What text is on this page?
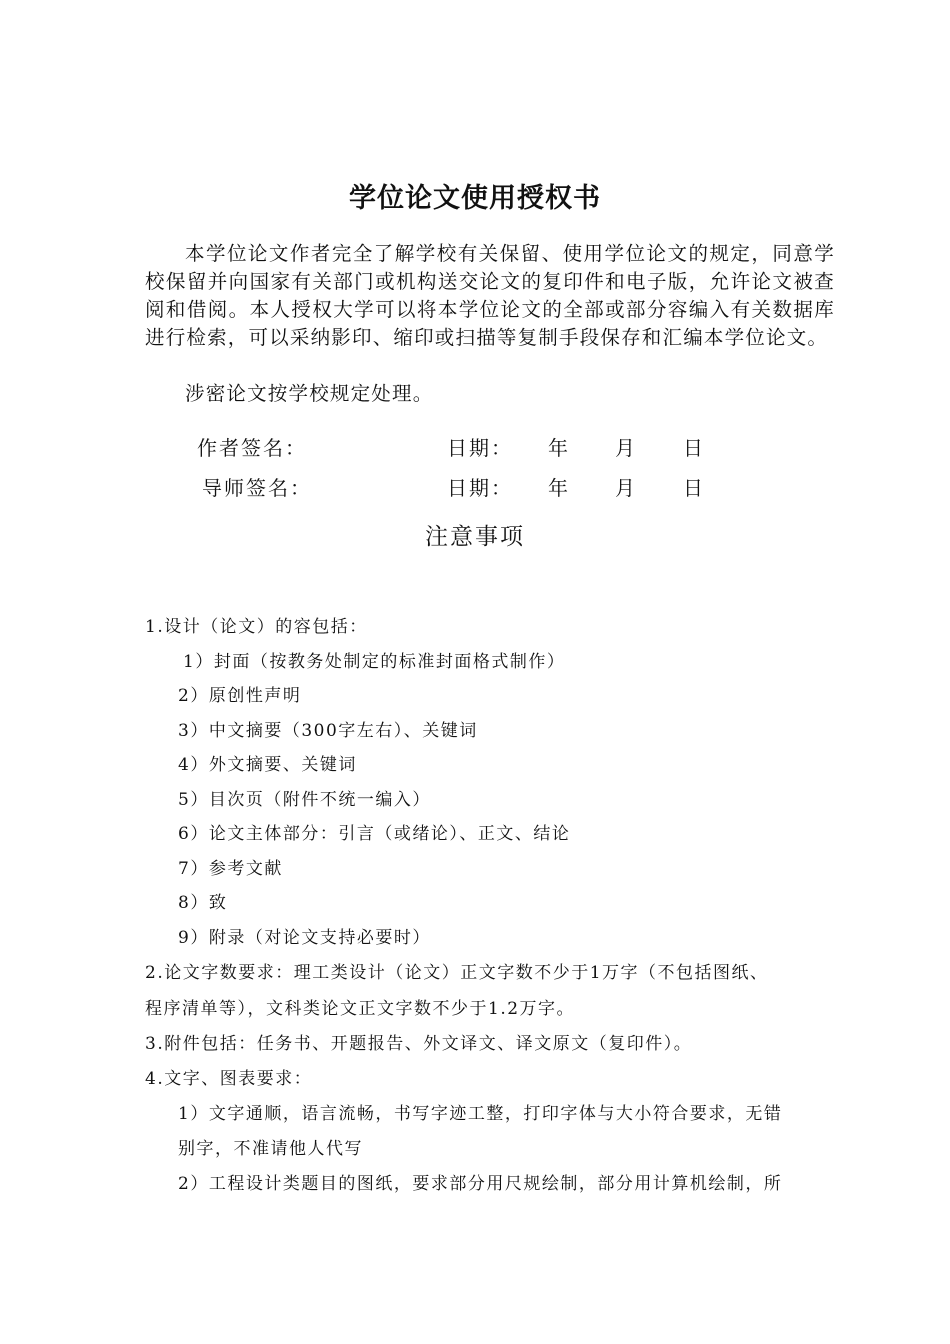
学位论文使用授权书
本学位论文作者完全了解学校有关保留、使用学位论文的规定，同意学校保留并向国家有关部门或机构送交论文的复印件和电子版，允许论文被查阅和借阅。本人授权大学可以将本学位论文的全部或部分容编入有关数据库进行检索，可以采纳影印、缩印或扫描等复制手段保存和汇编本学位论文。
涉密论文按学校规定处理。
作者签名：	日期： 年 月 日
导师签名：	日期： 年 月 日
注意事项
1.设计（论文）的容包括：
1）封面（按教务处制定的标准封面格式制作）
2）原创性声明
3）中文摘要（300字左右）、关键词
4）外文摘要、关键词
5）目次页（附件不统一编入）
6）论文主体部分：引言（或绪论）、正文、结论
7）参考文献
8）致
9）附录（对论文支持必要时）
2.论文字数要求：理工类设计（论文）正文字数不少于1万字（不包括图纸、
程序清单等），文科类论文正文字数不少于1.2万字。
3.附件包括：任务书、开题报告、外文译文、译文原文（复印件）。
4.文字、图表要求：
1）文字通顺，语言流畅，书写字迹工整，打印字体与大小符合要求，无错
别字，不准请他人代写
2）工程设计类题目的图纸，要求部分用尺规绘制，部分用计算机绘制，所
